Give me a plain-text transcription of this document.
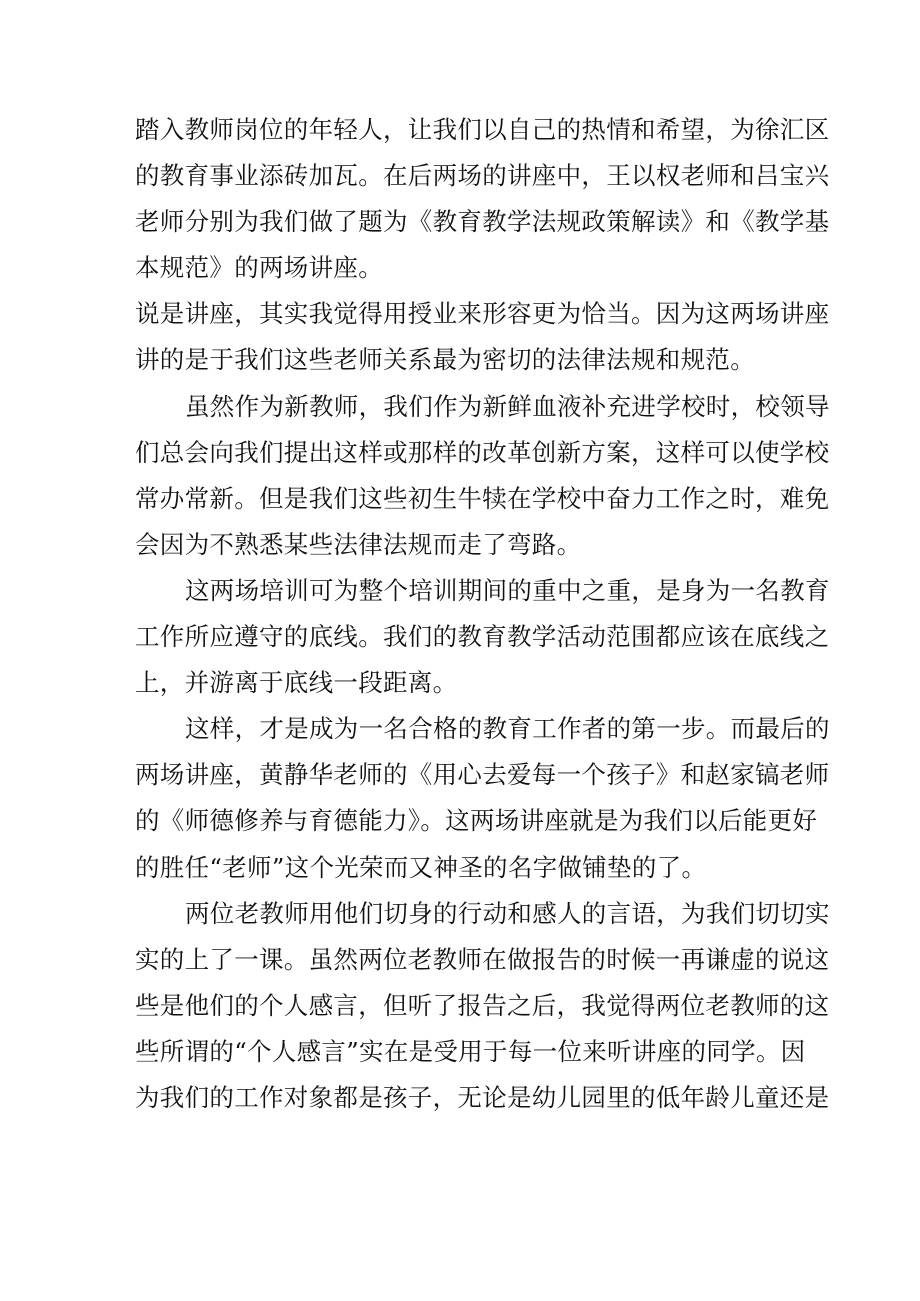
踏入教师岗位的年轻人，让我们以自己的热情和希望，为徐汇区
的教育事业添砖加瓦。在后两场的讲座中，王以权老师和吕宝兴
老师分别为我们做了题为《教育教学法规政策解读》和《教学基
本规范》的两场讲座。

说是讲座，其实我觉得用授业来形容更为恰当。因为这两场讲座
讲的是于我们这些老师关系最为密切的法律法规和规范。

虽然作为新教师，我们作为新鲜血液补充进学校时，校领导
们总会向我们提出这样或那样的改革创新方案，这样可以使学校
常办常新。但是我们这些初生牛犊在学校中奋力工作之时，难免
会因为不熟悉某些法律法规而走了弯路。

这两场培训可为整个培训期间的重中之重，是身为一名教育
工作所应遵守的底线。我们的教育教学活动范围都应该在底线之
上，并游离于底线一段距离。

这样，才是成为一名合格的教育工作者的第一步。而最后的
两场讲座，黄静华老师的《用心去爱每一个孩子》和赵家镐老师
的《师德修养与育德能力》。这两场讲座就是为我们以后能更好
的胜任“老师”这个光荣而又神圣的名字做铺垫的了。

两位老教师用他们切身的行动和感人的言语，为我们切切实
实的上了一课。虽然两位老教师在做报告的时候一再谦虚的说这
些是他们的个人感言，但听了报告之后，我觉得两位老教师的这
些所谓的“个人感言”实在是受用于每一位来听讲座的同学。因
为我们的工作对象都是孩子，无论是幼儿园里的低年龄儿童还是
